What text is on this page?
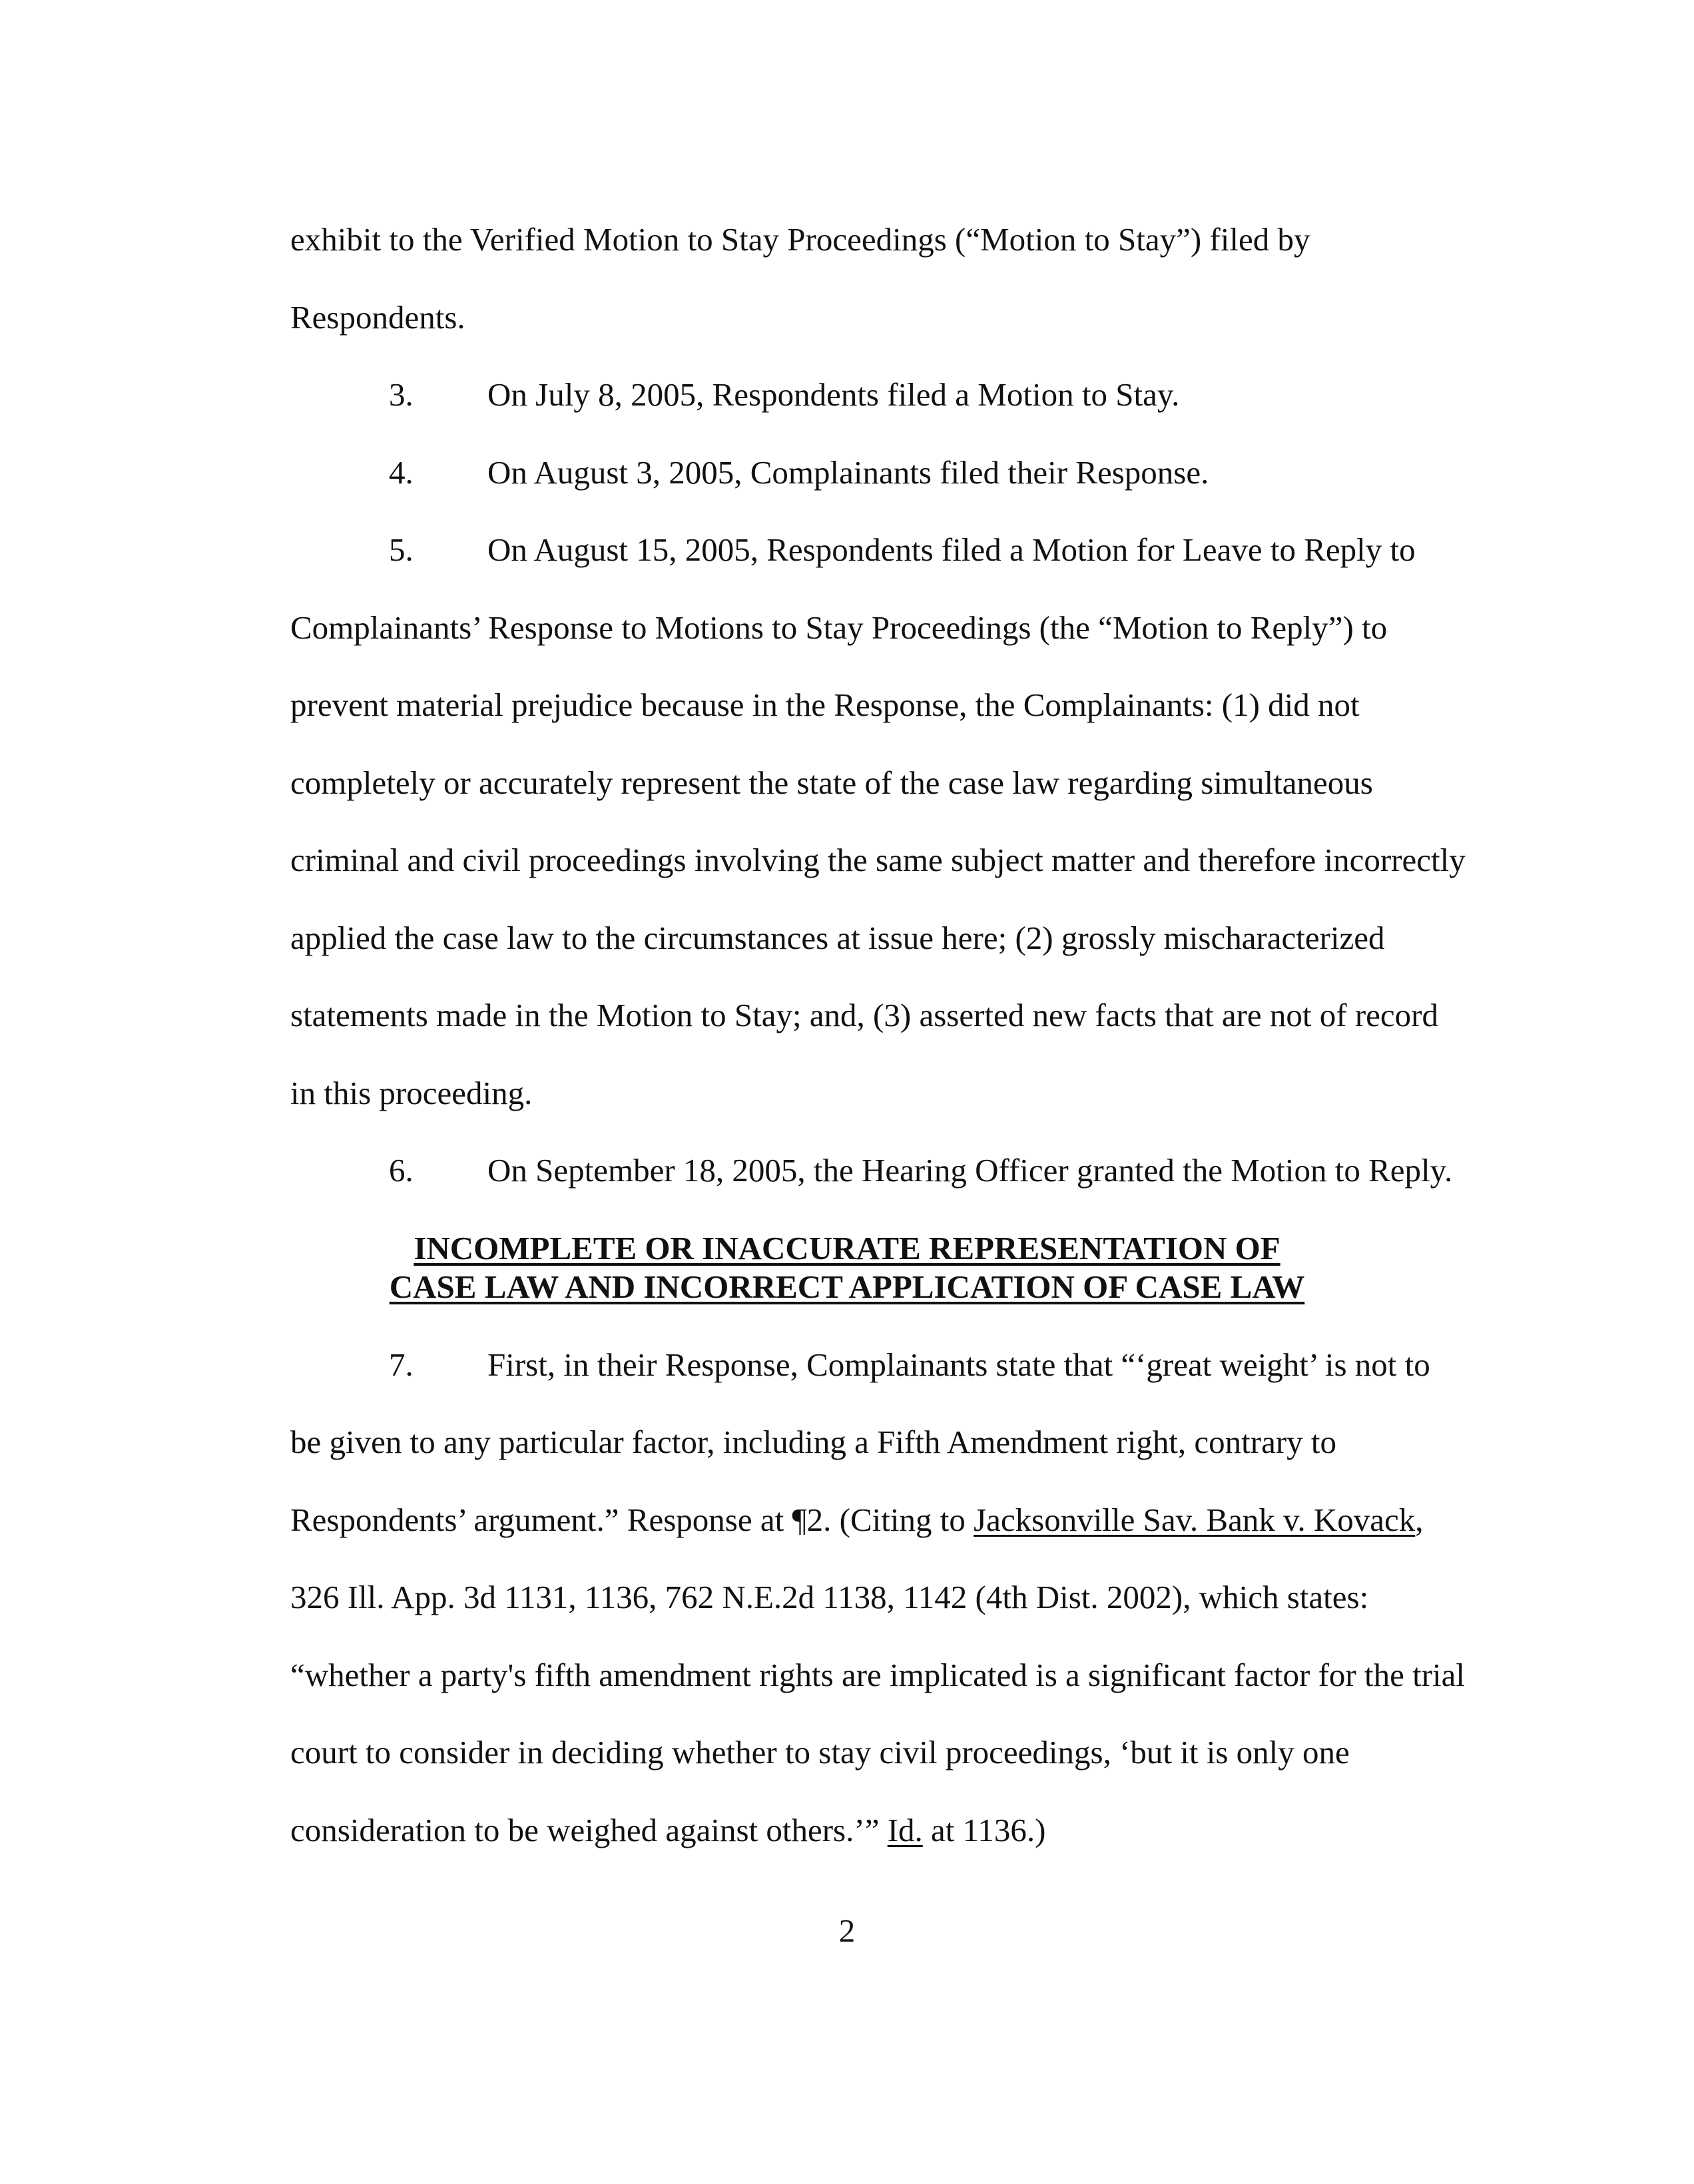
exhibit to the Verified Motion to Stay Proceedings (“Motion to Stay”) filed by
Respondents.
3. On July 8, 2005, Respondents filed a Motion to Stay.
4. On August 3, 2005, Complainants filed their Response.
5. On August 15, 2005, Respondents filed a Motion for Leave to Reply to
Complainants’ Response to Motions to Stay Proceedings (the “Motion to Reply”) to
prevent material prejudice because in the Response, the Complainants: (1) did not
completely or accurately represent the state of the case law regarding simultaneous
criminal and civil proceedings involving the same subject matter and therefore incorrectly
applied the case law to the circumstances at issue here; (2) grossly mischaracterized
statements made in the Motion to Stay; and, (3) asserted new facts that are not of record
in this proceeding.
6. On September 18, 2005, the Hearing Officer granted the Motion to Reply.
INCOMPLETE OR INACCURATE REPRESENTATION OF
CASE LAW AND INCORRECT APPLICATION OF CASE LAW
7. First, in their Response, Complainants state that “‘great weight’ is not to
be given to any particular factor, including a Fifth Amendment right, contrary to
Respondents’ argument.” Response at ¶2. (Citing to Jacksonville Sav. Bank v. Kovack,
326 Ill. App. 3d 1131, 1136, 762 N.E.2d 1138, 1142 (4th Dist. 2002), which states:
“whether a party's fifth amendment rights are implicated is a significant factor for the trial
court to consider in deciding whether to stay civil proceedings, ‘but it is only one
consideration to be weighed against others.’” Id. at 1136.)
2
